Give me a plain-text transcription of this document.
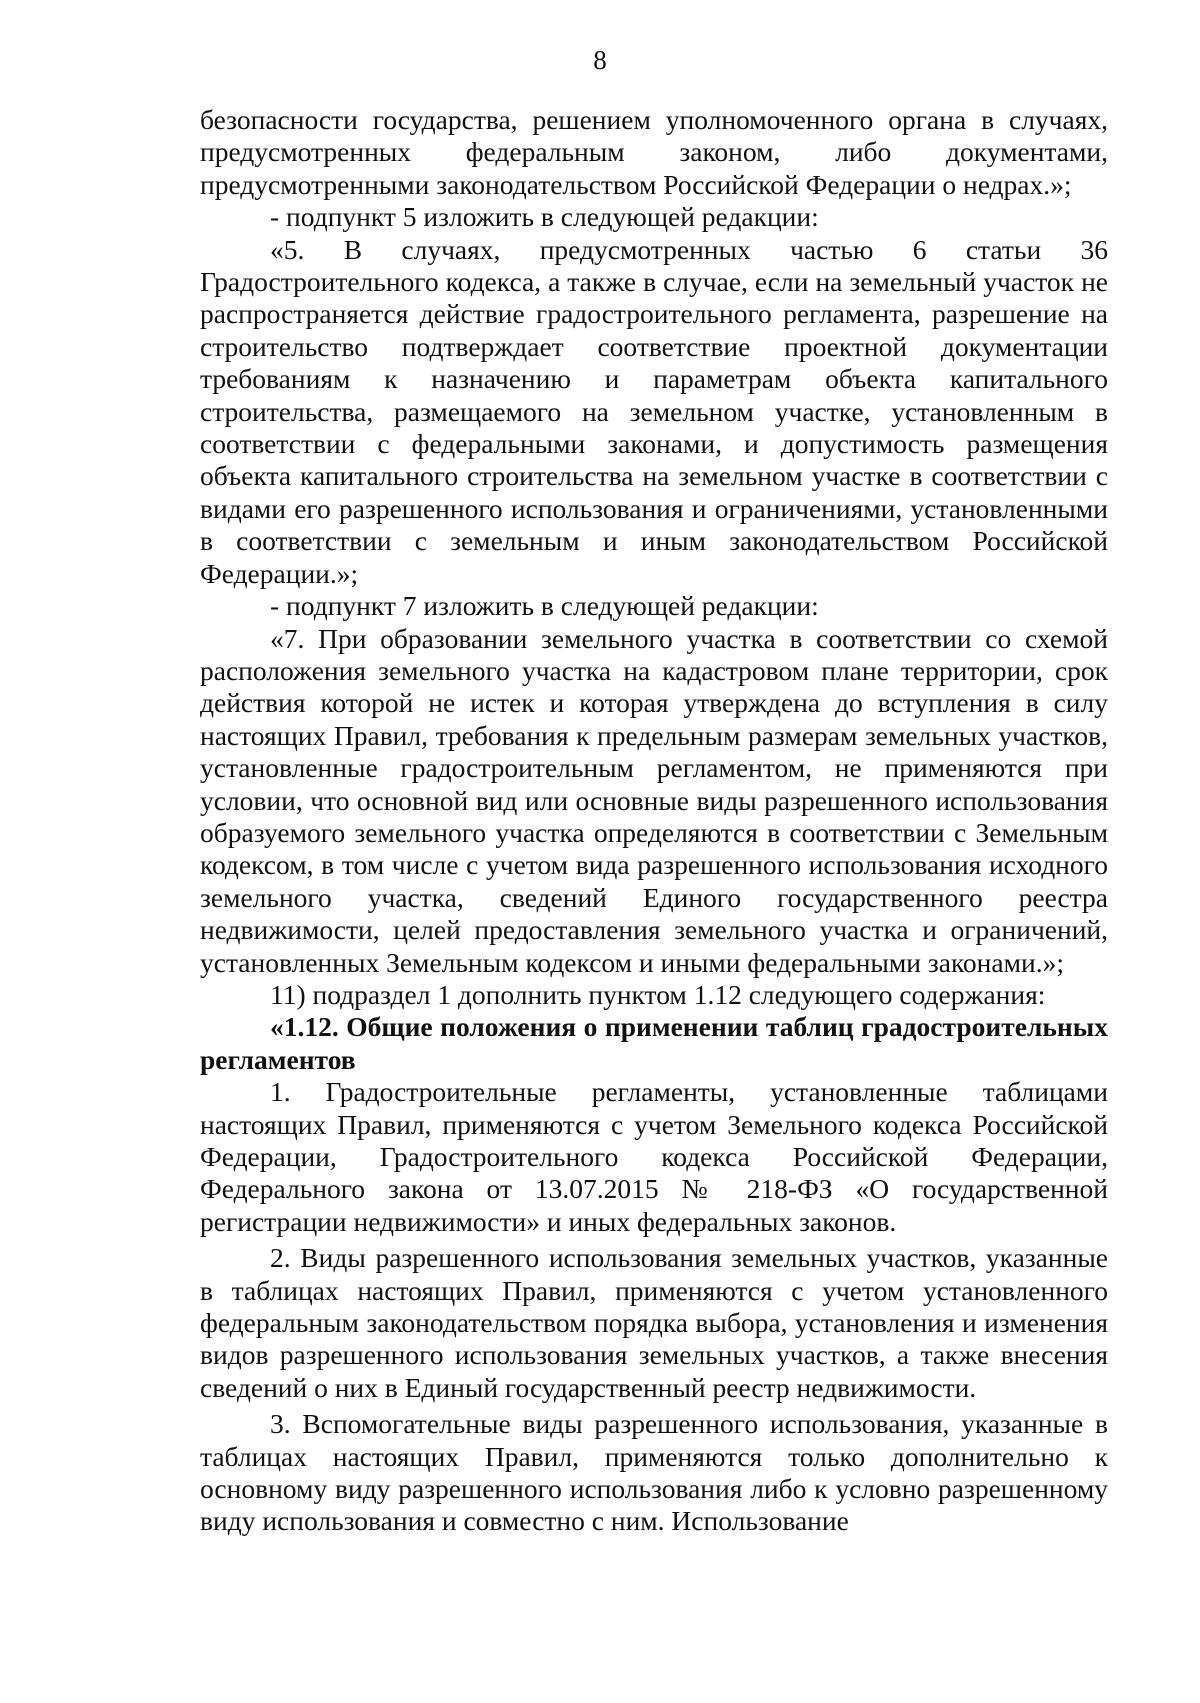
8

безопасности государства, решением уполномоченного органа в случаях, предусмотренных федеральным законом, либо документами, предусмотренными законодательством Российской Федерации о недрах.»;

- подпункт 5 изложить в следующей редакции:

«5. В случаях, предусмотренных частью 6 статьи 36 Градостроительного кодекса, а также в случае, если на земельный участок не распространяется действие градостроительного регламента, разрешение на строительство подтверждает соответствие проектной документации требованиям к назначению и параметрам объекта капитального строительства, размещаемого на земельном участке, установленным в соответствии с федеральными законами, и допустимость размещения объекта капитального строительства на земельном участке в соответствии с видами его разрешенного использования и ограничениями, установленными в соответствии с земельным и иным законодательством Российской Федерации.»;

- подпункт 7 изложить в следующей редакции:

«7. При образовании земельного участка в соответствии со схемой расположения земельного участка на кадастровом плане территории, срок действия которой не истек и которая утверждена до вступления в силу настоящих Правил, требования к предельным размерам земельных участков, установленные градостроительным регламентом, не применяются при условии, что основной вид или основные виды разрешенного использования образуемого земельного участка определяются в соответствии с Земельным кодексом, в том числе с учетом вида разрешенного использования исходного земельного участка, сведений Единого государственного реестра недвижимости, целей предоставления земельного участка и ограничений, установленных Земельным кодексом и иными федеральными законами.»;

11) подраздел 1 дополнить пунктом 1.12 следующего содержания:

«1.12. Общие положения о применении таблиц градостроительных регламентов

1. Градостроительные регламенты, установленные таблицами настоящих Правил, применяются с учетом Земельного кодекса Российской Федерации, Градостроительного кодекса Российской Федерации, Федерального закона от 13.07.2015 № 218-ФЗ «О государственной регистрации недвижимости» и иных федеральных законов.

2. Виды разрешенного использования земельных участков, указанные в таблицах настоящих Правил, применяются с учетом установленного федеральным законодательством порядка выбора, установления и изменения видов разрешенного использования земельных участков, а также внесения сведений о них в Единый государственный реестр недвижимости.

3. Вспомогательные виды разрешенного использования, указанные в таблицах настоящих Правил, применяются только дополнительно к основному виду разрешенного использования либо к условно разрешенному виду использования и совместно с ним. Использование
